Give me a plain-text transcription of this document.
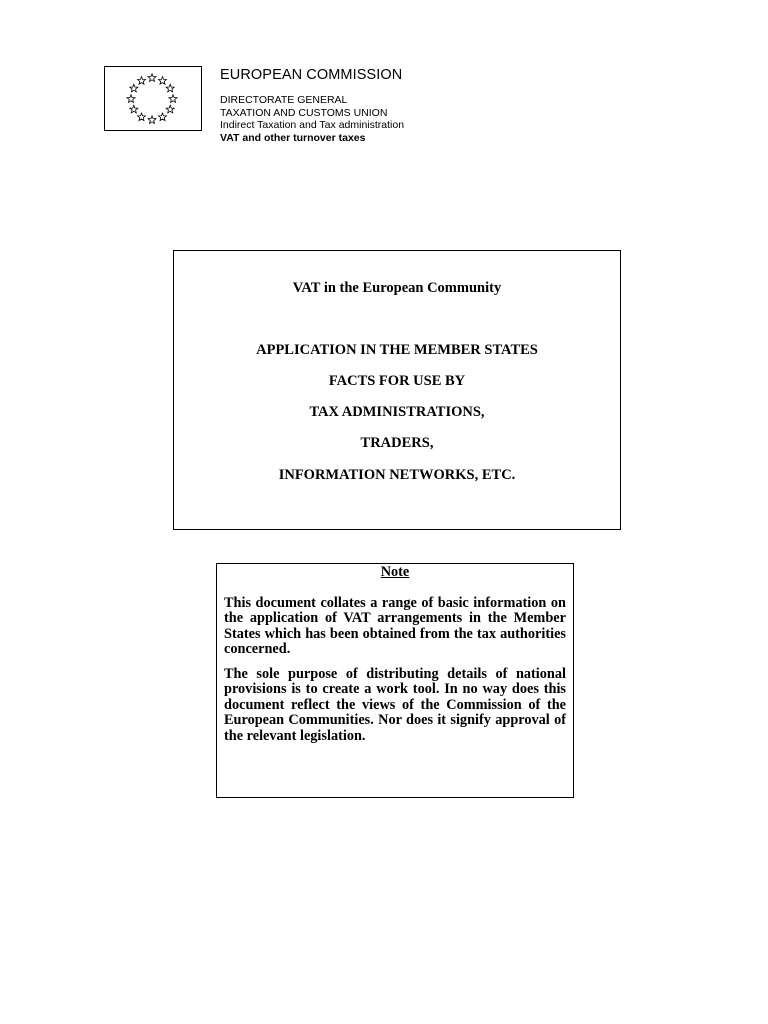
EUROPEAN COMMISSION
DIRECTORATE GENERAL
TAXATION AND CUSTOMS UNION
Indirect Taxation and Tax administration
VAT and other turnover taxes
VAT in the European Community
APPLICATION IN THE MEMBER STATES
FACTS FOR USE BY
TAX ADMINISTRATIONS,
TRADERS,
INFORMATION NETWORKS, ETC.
Note

This document collates a range of basic information on the application of VAT arrangements in the Member States which has been obtained from the tax authorities concerned.

The sole purpose of distributing details of national provisions is to create a work tool. In no way does this document reflect the views of the Commission of the European Communities. Nor does it signify approval of the relevant legislation.
